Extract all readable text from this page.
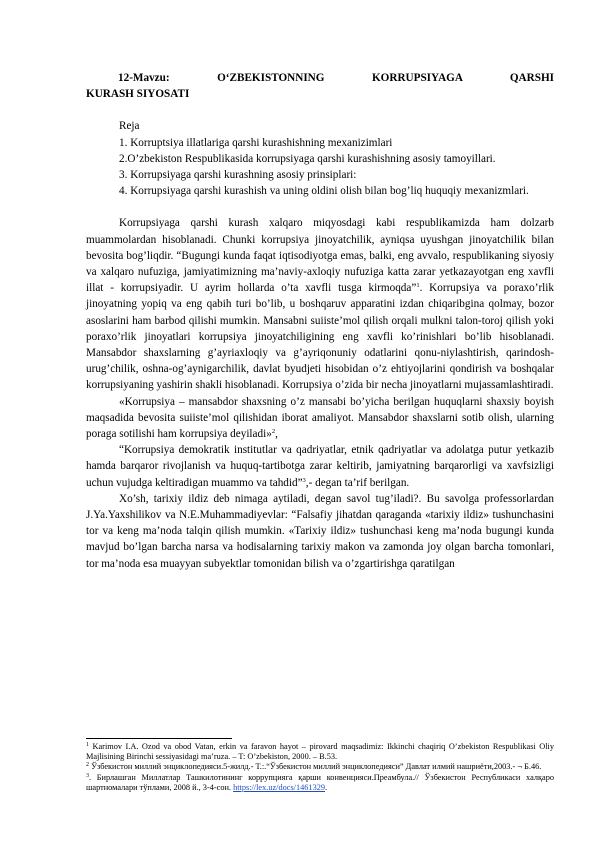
12-Mavzu: O‘ZBEKISTONNING KORRUPSIYAGA QARSHI
KURASH SIYOSATI

Reja

1. Korruptsiya illatlariga qarshi kurashishning mexanizimlari

2.O’zbekiston Respublikasida korrupsiyaga qarshi kurashishning asosiy tamoyillari.

3. Korrupsiyaga qarshi kurashning asosiy prinsiplari:

4. Korrupsiyaga qarshi kurashish va uning oldini olish bilan bog’liq huquqiy mexanizmlari.

Korrupsiyaga qarshi kurash xalqaro miqyosdagi kabi respublikamizda ham dolzarb muammolardan hisoblanadi. Chunki korrupsiya jinoyatchilik, ayniqsa uyushgan jinoyatchilik bilan bevosita bog’liqdir. “Bugungi kunda faqat iqtisodiyotga emas, balki, eng avvalo, respublikaning siyosiy va xalqaro nufuziga, jamiyatimizning ma’naviy-axloqiy nufuziga katta zarar yetkazayotgan eng xavfli illat - korrupsiyadir. U ayrim hollarda o’ta xavfli tusga kirmoqda”$^1$. Korrupsiya va poraxo’rlik jinoyatning yopiq va eng qabih turi bo’lib, u boshqaruv apparatini izdan chiqaribgina qolmay, bozor asoslarini ham barbod qilishi mumkin. Mansabni suiiste’mol qilish orqali mulkni talon-toroj qilish yoki poraxo’rlik jinoyatlari korrupsiya jinoyatchiligining eng xavfli ko’rinishlari bo’lib hisoblanadi. Mansabdor shaxslarning g’ayriaxloqiy va g’ayriqonuniy odatlarini qonu-niylashtirish, qarindosh-urug’chilik, oshna-og’aynigarchilik, davlat byudjeti hisobidan o’z ehtiyojlarini qondirish va boshqalar korrupsiyaning yashirin shakli hisoblanadi. Korrupsiya o’zida bir necha jinoyatlarni mujassamlashtiradi.

«Korrupsiya – mansabdor shaxsning o’z mansabi bo’yicha berilgan huquqlarni shaxsiy boyish maqsadida bevosita suiiste’mol qilishidan iborat amaliyot. Mansabdor shaxslarni sotib olish, ularning poraga sotilishi ham korrupsiya deyiladi»$^2$,

“Korrupsiya demokratik institutlar va qadriyatlar, etnik qadriyatlar va adolatga putur yetkazib hamda barqaror rivojlanish va huquq-tartibotga zarar keltirib, jamiyatning barqarorligi va xavfsizligi uchun vujudga keltiradigan muammo va tahdid”$^3$,- degan ta’rif berilgan.

Xo’sh, tarixiy ildiz deb nimaga aytiladi, degan savol tug’iladi?. Bu savolga professorlardan J.Ya.Yaxshilikov va N.E.Muhammadiyevlar: “Falsafiy jihatdan qaraganda «tarixiy ildiz» tushunchasini tor va keng ma’noda talqin qilish mumkin. «Tarixiy ildiz» tushunchasi keng ma’noda bugungi kunda mavjud bo’lgan barcha narsa va hodisalarning tarixiy makon va zamonda joy olgan barcha tomonlari, tor ma’noda esa muayyan subyektlar tomonidan bilish va o’zgartirishga qaratilgan

$^1$ Karimov I.A. Ozod va obod Vatan, erkin va faravon hayot – pirovard maqsadimiz: Ikkinchi chaqiriq O’zbekiston Respublikasi Oliy Majlisining Birinchi sessiyasidagi ma’ruza. – T: O’zbekiston, 2000. – B.53.

$^2$ Ўзбекистон миллий энциклопедияси.5-жилд.- Т.:.“Ўзбекистон миллий энциклопедияси” Давлат илмий нашриёти,2003.- ¬ Б.46.

$^3$. Бирлашган Миллатлар Ташкилотининг коррупцияга қарши конвенцияси.Преамбула.// Ўзбекистон Республикаси халқаро шартномалари тўплами, 2008 й., 3-4-сон. https://lex.uz/docs/1461329.
